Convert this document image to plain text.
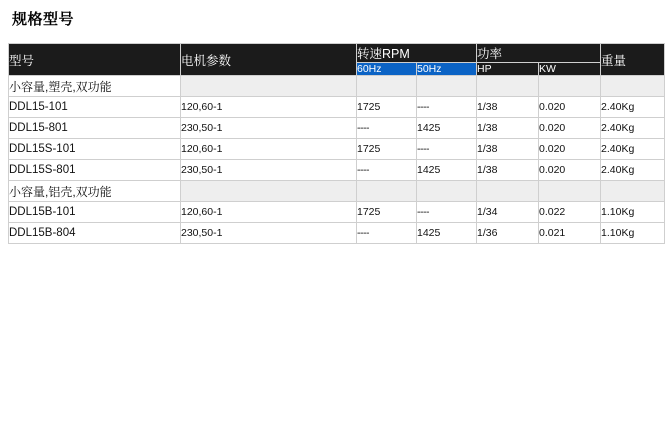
规格型号
型号	电机参数	转速RPM		功率		重量
		60Hz	50Hz	HP	KW	
小容量,塑壳,双功能						
DDL15-101	120,60-1	1725	----	1/38	0.020	2.40Kg
DDL15-801	230,50-1	----	1425	1/38	0.020	2.40Kg
DDL15S-101	120,60-1	1725	----	1/38	0.020	2.40Kg
DDL15S-801	230,50-1	----	1425	1/38	0.020	2.40Kg
小容量,铝壳,双功能						
DDL15B-101	120,60-1	1725	----	1/34	0.022	1.10Kg
DDL15B-804	230,50-1	----	1425	1/36	0.021	1.10Kg
